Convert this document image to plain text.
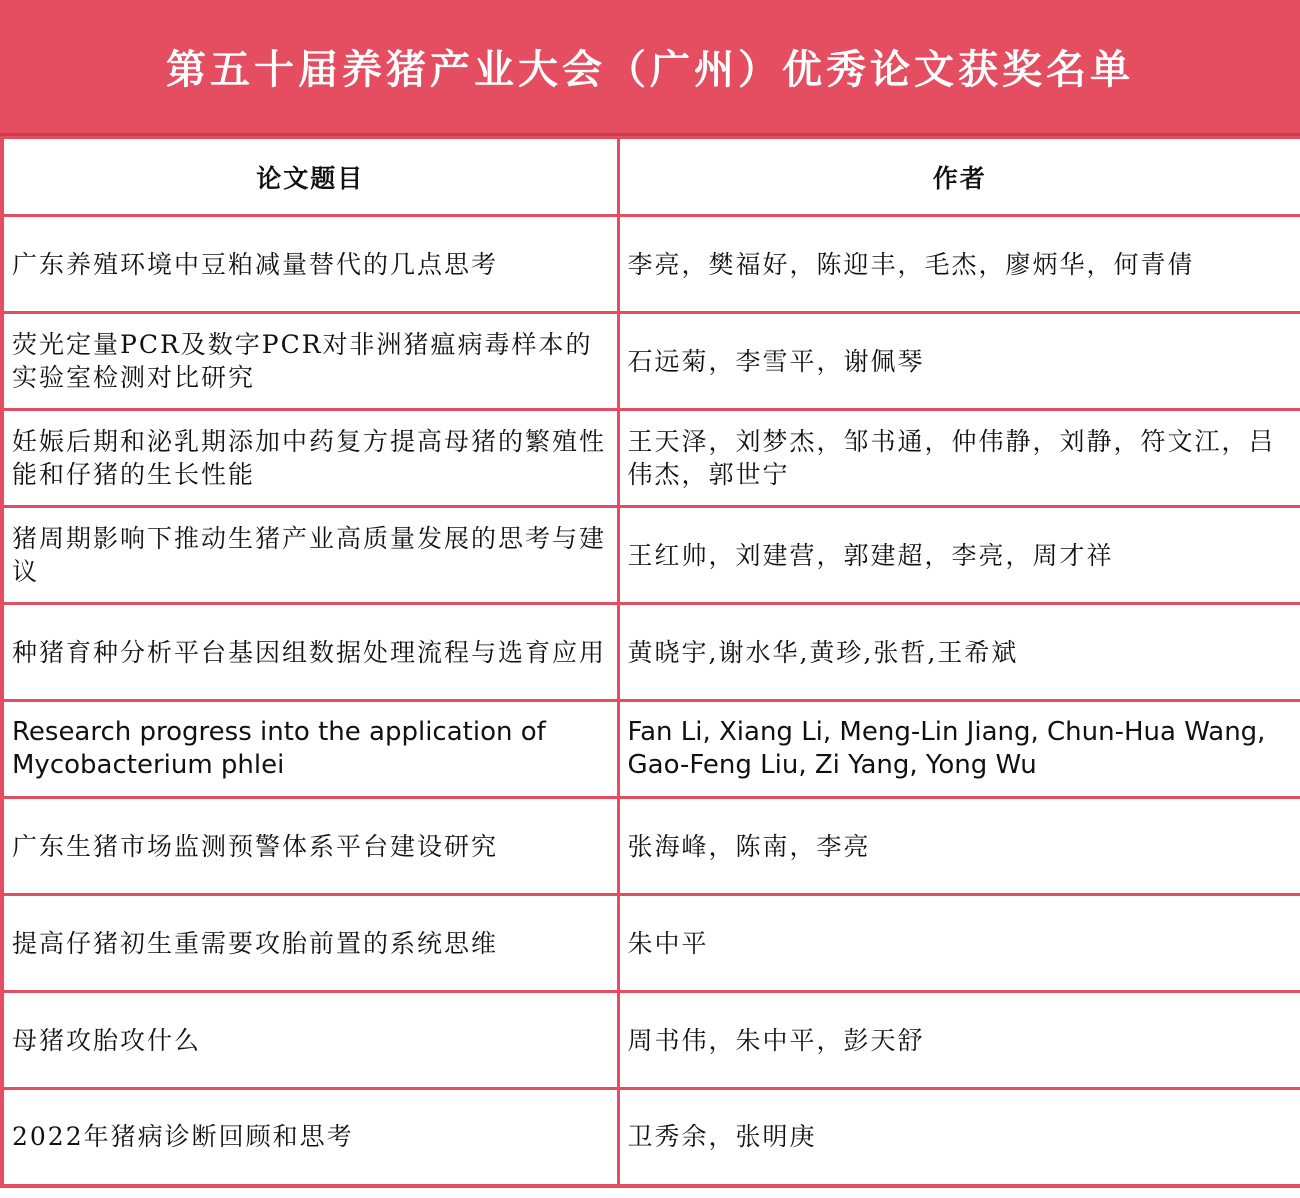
第五十届养猪产业大会（广州）优秀论文获奖名单
论文题目	作者
广东养殖环境中豆粕减量替代的几点思考	李亮，樊福好，陈迎丰，毛杰，廖炳华，何青倩
荧光定量PCR及数字PCR对非洲猪瘟病毒样本的实验室检测对比研究	石远菊，李雪平，谢佩琴
妊娠后期和泌乳期添加中药复方提高母猪的繁殖性能和仔猪的生长性能	王天泽，刘梦杰，邹书通，仲伟静，刘静，符文江，吕伟杰，郭世宁
猪周期影响下推动生猪产业高质量发展的思考与建议	王红帅，刘建营，郭建超，李亮，周才祥
种猪育种分析平台基因组数据处理流程与选育应用	黄晓宇,谢水华,黄珍,张哲,王希斌
Research progress into the application of Mycobacterium phlei	Fan Li, Xiang Li, Meng-Lin Jiang, Chun-Hua Wang, Gao-Feng Liu, Zi Yang, Yong Wu
广东生猪市场监测预警体系平台建设研究	张海峰，陈南，李亮
提高仔猪初生重需要攻胎前置的系统思维	朱中平
母猪攻胎攻什么	周书伟，朱中平，彭天舒
2022年猪病诊断回顾和思考	卫秀余，张明庚
